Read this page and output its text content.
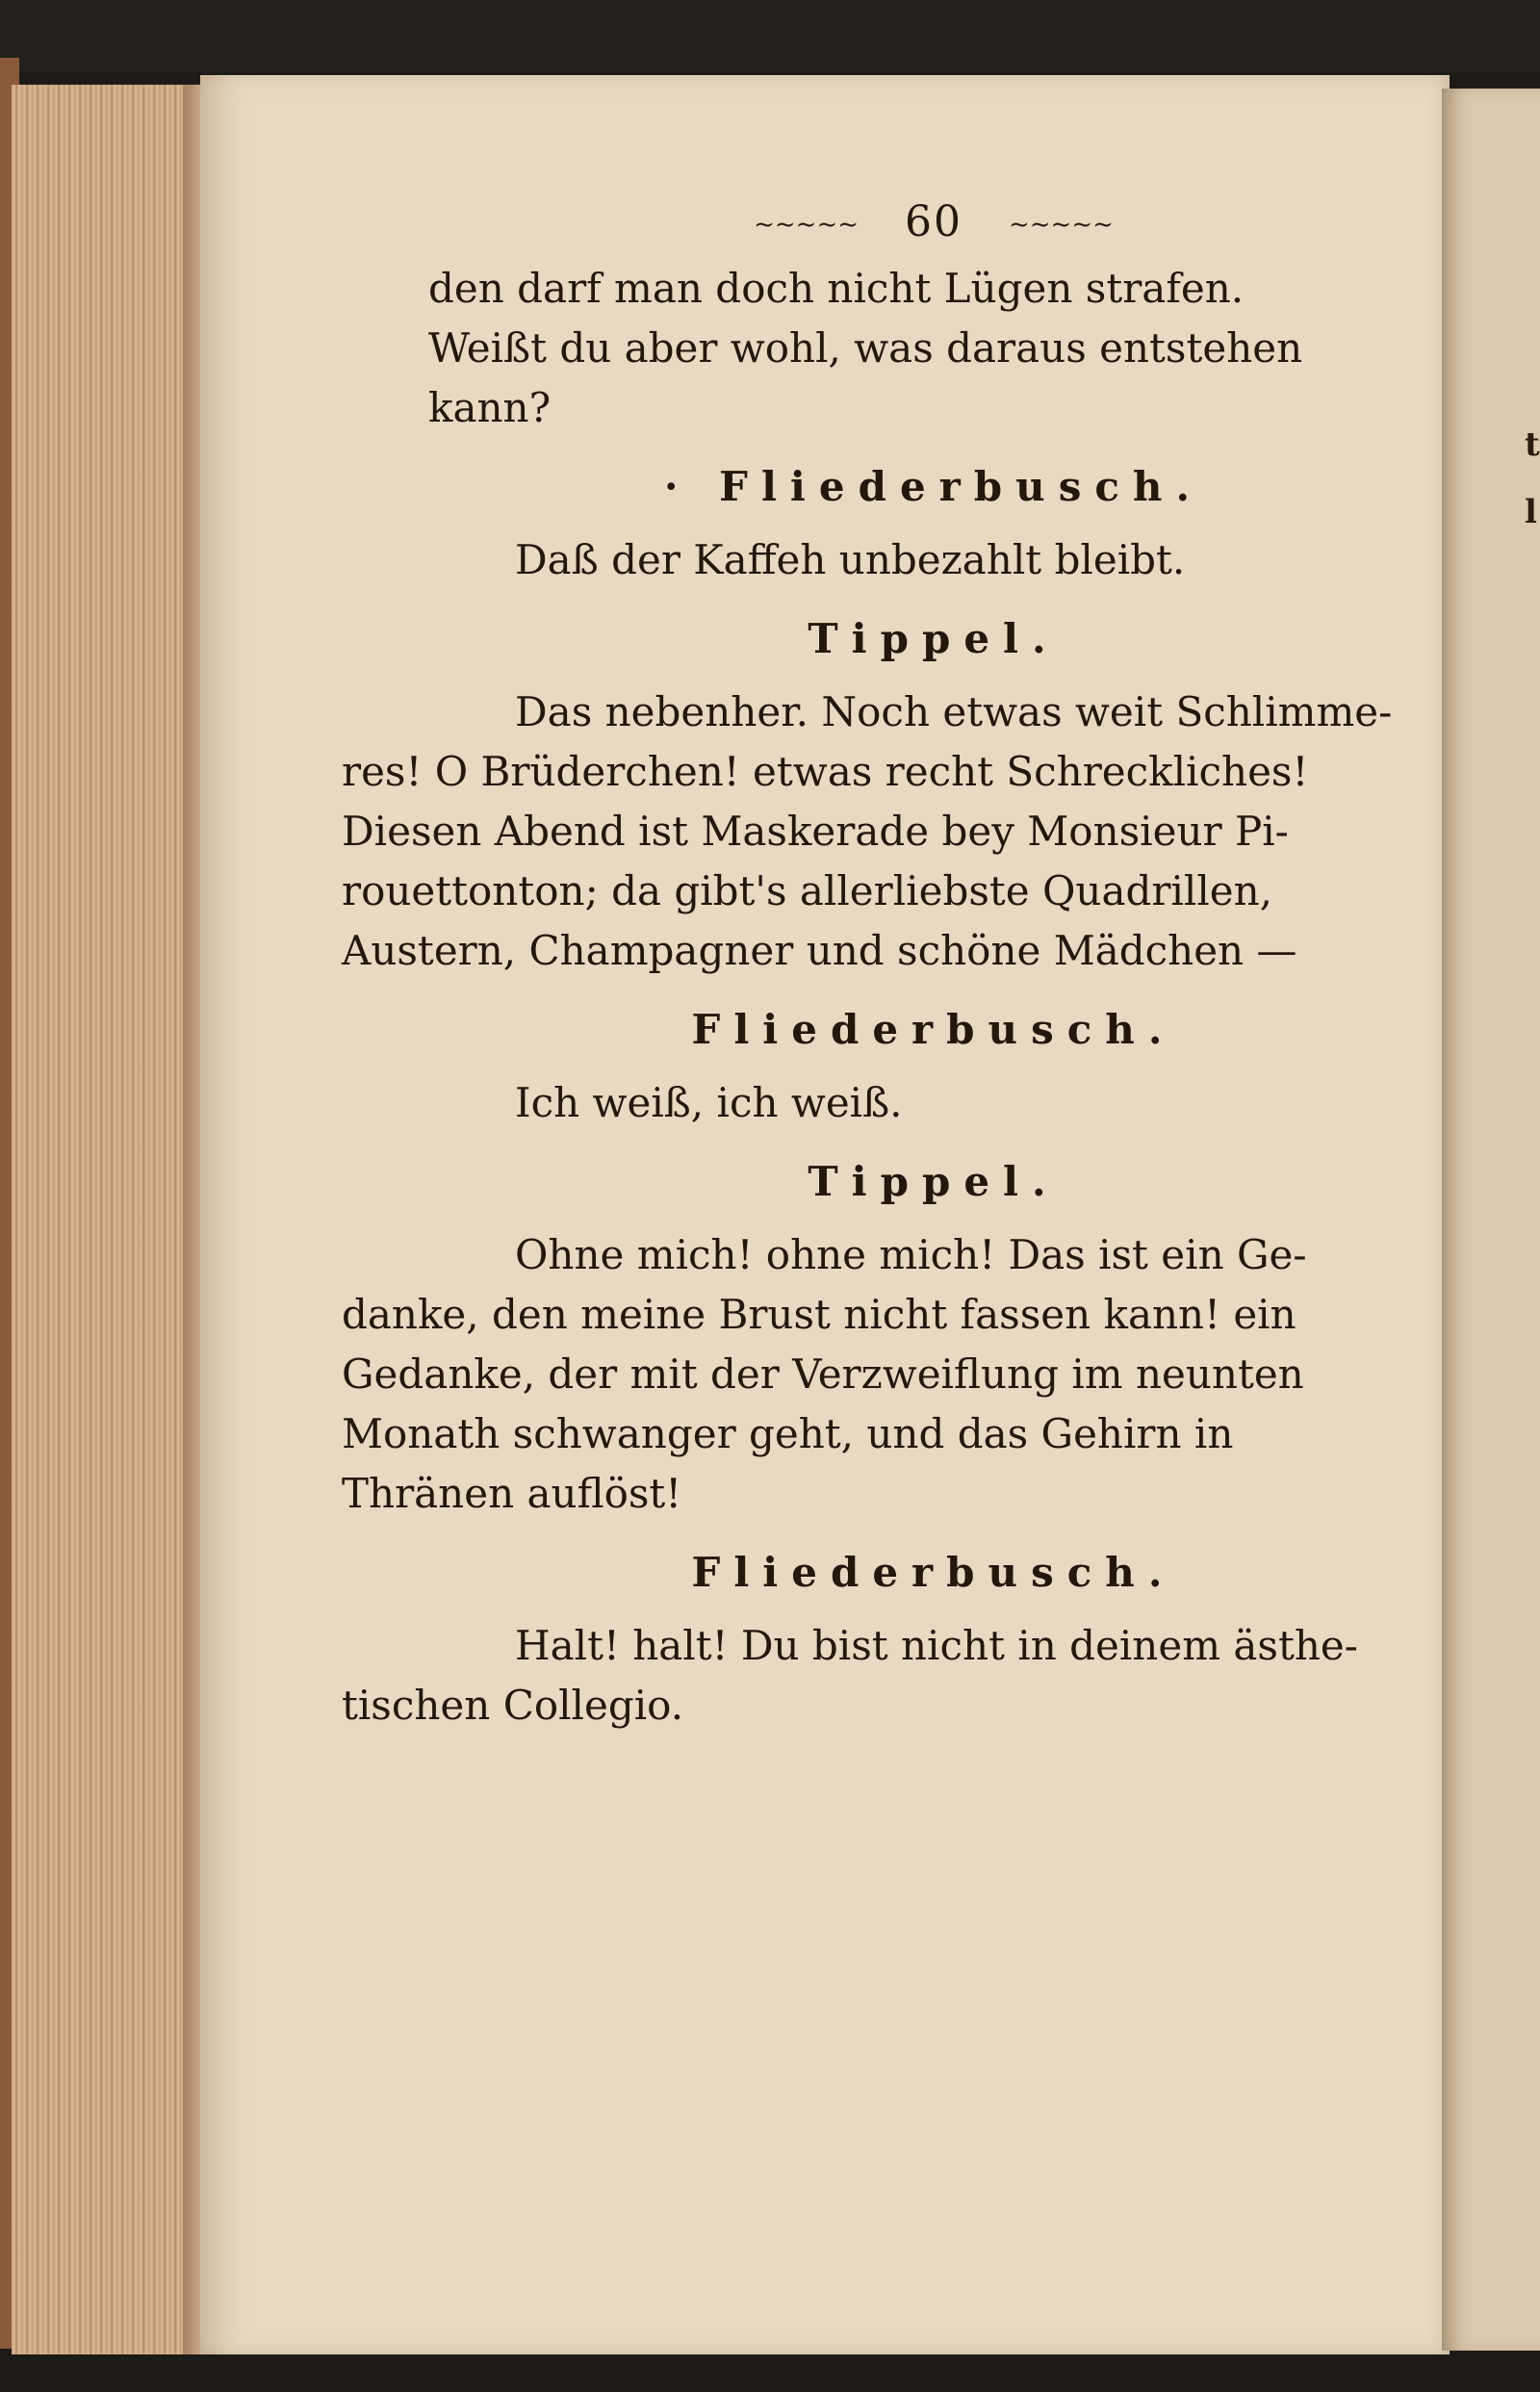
t
l
~~~~~ 60 ~~~~~

den darf man doch nicht Lügen strafen.
Weißt du aber wohl, was daraus entstehen
kann?

· Fliederbusch.

Daß der Kaffeh unbezahlt bleibt.

Tippel.

Das nebenher. Noch etwas weit Schlimme-
res! O Brüderchen! etwas recht Schreckliches!
Diesen Abend ist Maskerade bey Monsieur Pi-
rouettonton; da gibt's allerliebste Quadrillen,
Austern, Champagner und schöne Mädchen —

Fliederbusch.

Ich weiß, ich weiß.

Tippel.

Ohne mich! ohne mich! Das ist ein Ge-
danke, den meine Brust nicht fassen kann! ein
Gedanke, der mit der Verzweiflung im neunten
Monath schwanger geht, und das Gehirn in
Thränen auflöst!

Fliederbusch.

Halt! halt! Du bist nicht in deinem ästhe-
tischen Collegio.
